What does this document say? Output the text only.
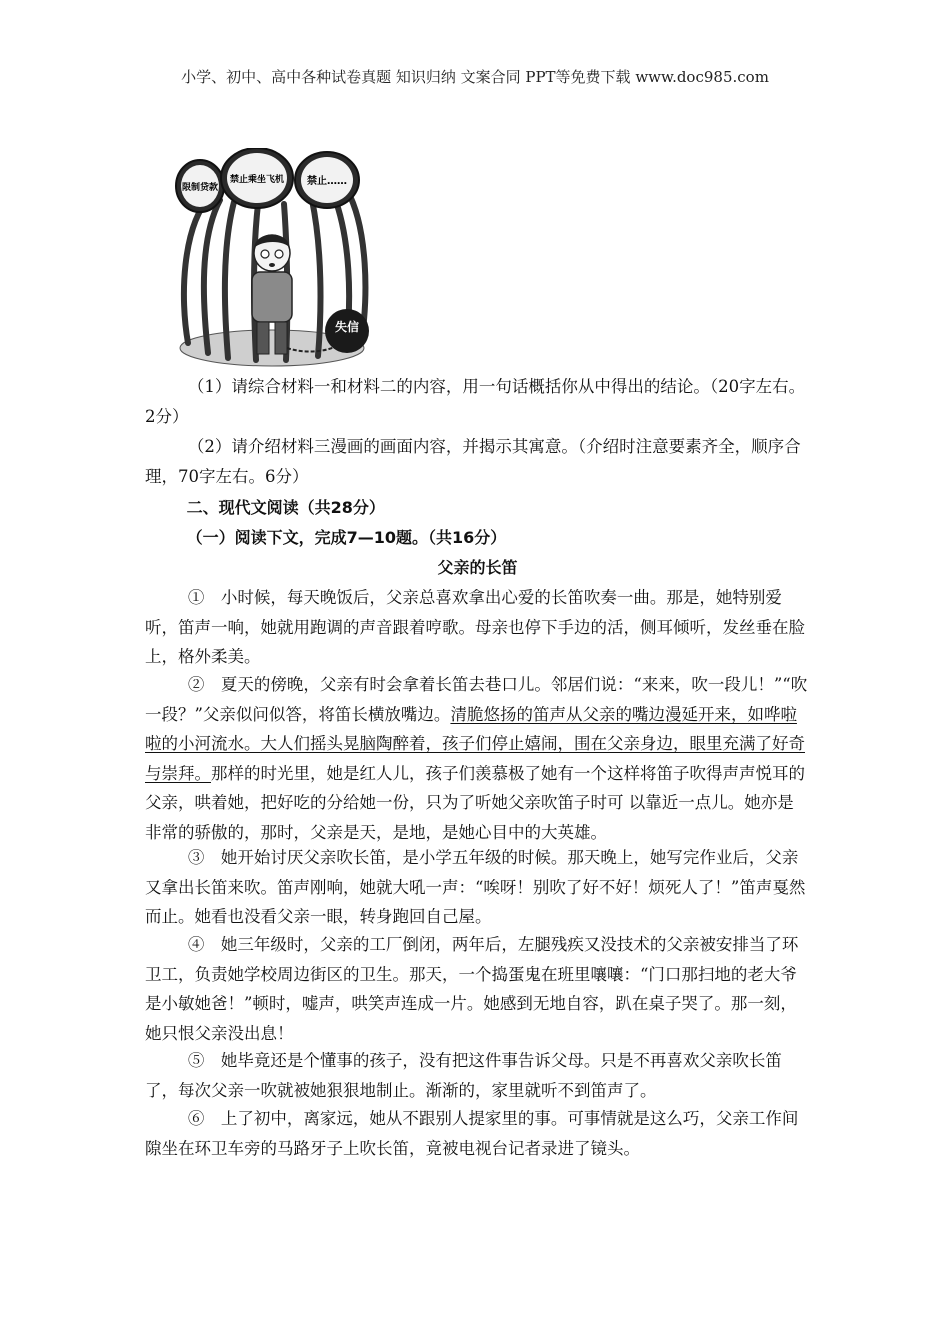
小学、初中、高中各种试卷真题 知识归纳 文案合同 PPT等免费下载 www.doc985.com
失信
限制贷款
禁止乘坐飞机 禁止……
（1）请综合材料一和材料二的内容，用一句话概括你从中得出的结论。（20字左右。2分）
（2）请介绍材料三漫画的画面内容，并揭示其寓意。（介绍时注意要素齐全，顺序合理，70字左右。6分）
二、现代文阅读（共28分）
（一）阅读下文，完成7—10题。（共16分）
父亲的长笛
①　小时候，每天晚饭后，父亲总喜欢拿出心爱的长笛吹奏一曲。那是，她特别爱听，笛声一响，她就用跑调的声音跟着哼歌。母亲也停下手边的活，侧耳倾听，发丝垂在脸上，格外柔美。
②　夏天的傍晚，父亲有时会拿着长笛去巷口儿。邻居们说：“来来，吹一段儿！”“吹一段？”父亲似问似答，将笛长横放嘴边。清脆悠扬的笛声从父亲的嘴边漫延开来，如哗啦啦的小河流水。大人们摇头晃脑陶醉着，孩子们停止嬉闹，围在父亲身边，眼里充满了好奇与崇拜。那样的时光里，她是红人儿，孩子们羡慕极了她有一个这样将笛子吹得声声悦耳的父亲，哄着她，把好吃的分给她一份，只为了听她父亲吹笛子时可 以靠近一点儿。她亦是非常的骄傲的，那时，父亲是天，是地，是她心目中的大英雄。
③　她开始讨厌父亲吹长笛，是小学五年级的时候。那天晚上，她写完作业后，父亲又拿出长笛来吹。笛声刚响，她就大吼一声：“唉呀！别吹了好不好！烦死人了！”笛声戛然而止。她看也没看父亲一眼，转身跑回自己屋。
④　她三年级时，父亲的工厂倒闭，两年后，左腿残疾又没技术的父亲被安排当了环卫工，负责她学校周边街区的卫生。那天，一个捣蛋鬼在班里嚷嚷：“门口那扫地的老大爷是小敏她爸！”顿时，嘘声，哄笑声连成一片。她感到无地自容，趴在桌子哭了。那一刻，她只恨父亲没出息！
⑤　她毕竟还是个懂事的孩子，没有把这件事告诉父母。只是不再喜欢父亲吹长笛了，每次父亲一吹就被她狠狠地制止。渐渐的，家里就听不到笛声了。
⑥　上了初中，离家远，她从不跟别人提家里的事。可事情就是这么巧，父亲工作间隙坐在环卫车旁的马路牙子上吹长笛，竟被电视台记者录进了镜头。
